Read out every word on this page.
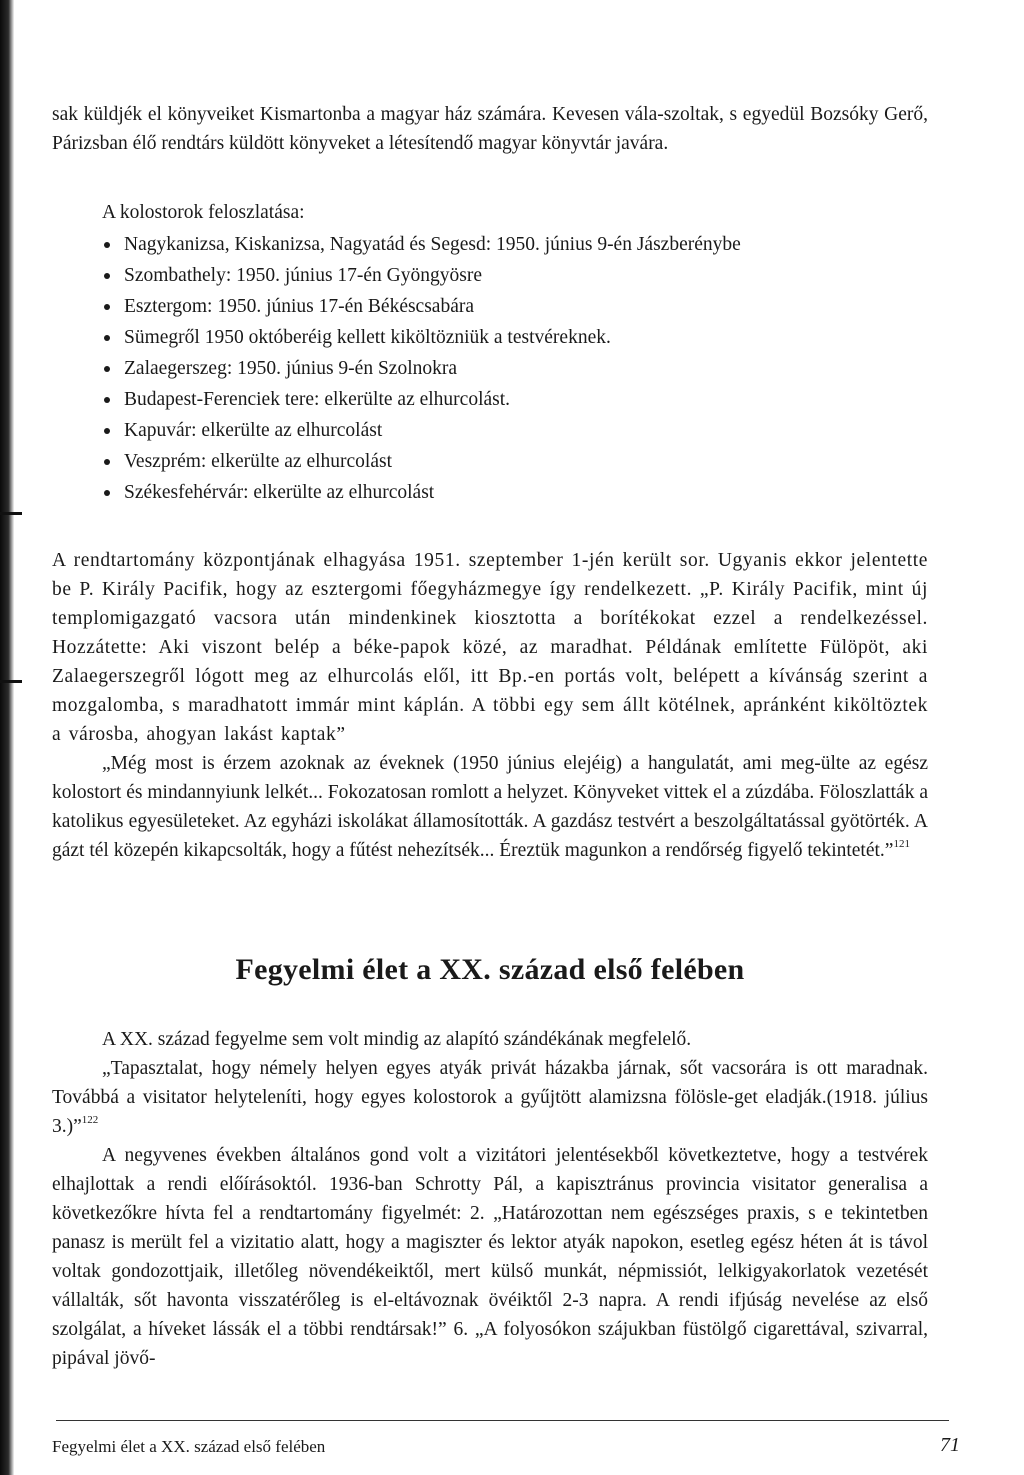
sak küldjék el könyveiket Kismartonba a magyar ház számára. Kevesen vála-szoltak, s egyedül Bozsóky Gerő, Párizsban élő rendtárs küldött könyveket a létesítendő magyar könyvtár javára.

A kolostorok feloszlatása:

Nagykanizsa, Kiskanizsa, Nagyatád és Segesd: 1950. június 9-én Jászberénybe
Szombathely: 1950. június 17-én Gyöngyösre
Esztergom: 1950. június 17-én Békéscsabára
Sümegről 1950 októberéig kellett kiköltözniük a testvéreknek.
Zalaegerszeg: 1950. június 9-én Szolnokra
Budapest-Ferenciek tere: elkerülte az elhurcolást.
Kapuvár: elkerülte az elhurcolást
Veszprém: elkerülte az elhurcolást
Székesfehérvár: elkerülte az elhurcolást

A rendtartomány központjának elhagyása 1951. szeptember 1-jén került sor. Ugyanis ekkor jelentette be P. Király Pacifik, hogy az esztergomi főegyházmegye így rendelkezett. „P. Király Pacifik, mint új templomigazgató vacsora után mindenkinek kiosztotta a borítékokat ezzel a rendelkezéssel. Hozzátette: Aki viszont belép a béke-papok közé, az maradhat. Példának említette Fülöpöt, aki Zalaegerszegről lógott meg az elhurcolás elől, itt Bp.-en portás volt, belépett a kívánság szerint a mozgalomba, s maradhatott immár mint káplán. A többi egy sem állt kötélnek, apránként kiköltöztek a városba, ahogyan lakást kaptak”

„Még most is érzem azoknak az éveknek (1950 június elejéig) a hangulatát, ami meg-ülte az egész kolostort és mindannyiunk lelkét... Fokozatosan romlott a helyzet. Könyveket vittek el a zúzdába. Föloszlatták a katolikus egyesületeket. Az egyházi iskolákat államosították. A gazdász testvért a beszolgáltatással gyötörték. A gázt tél közepén kikapcsolták, hogy a fűtést nehezítsék... Éreztük magunkon a rendőrség figyelő tekintetét.”$^{121}$

Fegyelmi élet a XX. század első felében

A XX. század fegyelme sem volt mindig az alapító szándékának megfelelő.

„Tapasztalat, hogy némely helyen egyes atyák privát házakba járnak, sőt vacsorára is ott maradnak. Továbbá a visitator helyteleníti, hogy egyes kolostorok a gyűjtött alamizsna fölösle-get eladják.(1918. július 3.)”$^{122}$

A negyvenes években általános gond volt a vizitátori jelentésekből következtetve, hogy a testvérek elhajlottak a rendi előírásoktól. 1936-ban Schrotty Pál, a kapisztránus provincia visitator generalisa a következőkre hívta fel a rendtartomány figyelmét: 2. „Határozottan nem egészséges praxis, s e tekintetben panasz is merült fel a vizitatio alatt, hogy a magiszter és lektor atyák napokon, esetleg egész héten át is távol voltak gondozottjaik, illetőleg növendékeiktől, mert külső munkát, népmissiót, lelkigyakorlatok vezetését vállalták, sőt havonta visszatérőleg is el-eltávoznak övéiktől 2-3 napra. A rendi ifjúság nevelése az első szolgálat, a híveket lássák el a többi rendtársak!” 6. „A folyosókon szájukban füstölgő cigarettával, szivarral, pipával jövő-

Fegyelmi élet a XX. század első felében	71
